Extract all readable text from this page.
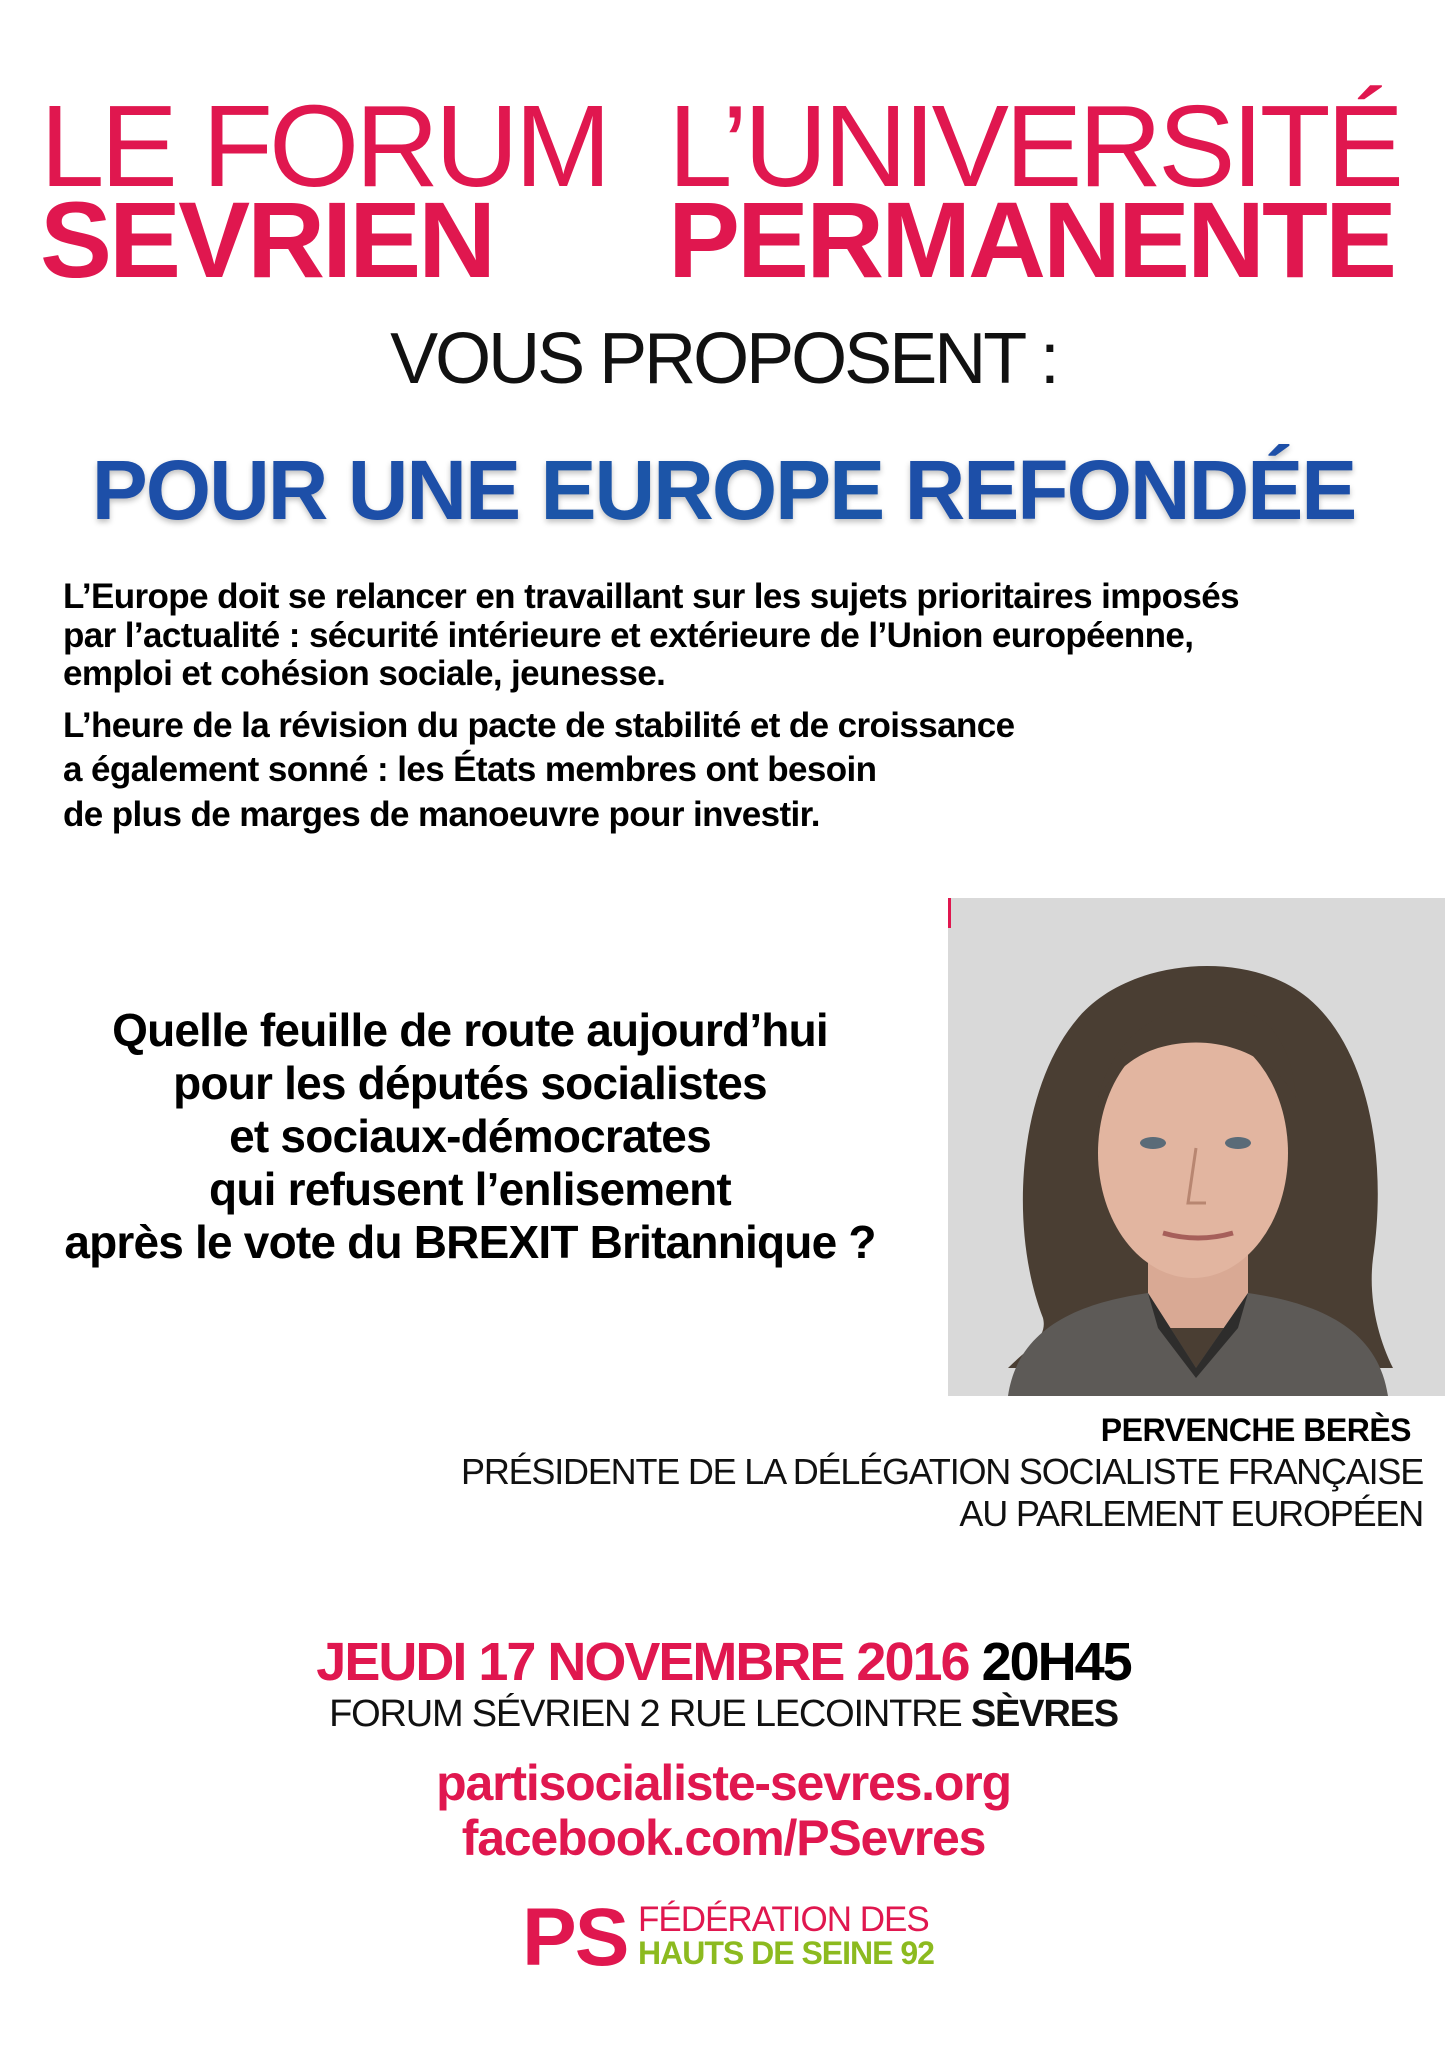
LE FORUM
SEVRIEN
L’UNIVERSITÉ
PERMANENTE
VOUS PROPOSENT :
POUR UNE EUROPE REFONDÉE
L’Europe doit se relancer en travaillant sur les sujets prioritaires imposés
par l’actualité : sécurité intérieure et extérieure de l’Union européenne,
emploi et cohésion sociale, jeunesse.
L’heure de la révision du pacte de stabilité et de croissance
a également sonné : les États membres ont besoin
de plus de marges de manoeuvre pour investir.
Quelle feuille de route aujourd’hui
pour les députés socialistes
et sociaux-démocrates
qui refusent l’enlisement
après le vote du BREXIT Britannique ?
PERVENCHE BERÈS
PRÉSIDENTE DE LA DÉLÉGATION SOCIALISTE FRANÇAISE
AU PARLEMENT EUROPÉEN
JEUDI 17 NOVEMBRE 2016 20H45
FORUM SÉVRIEN 2 RUE LECOINTRE SÈVRES
partisocialiste-sevres.org
facebook.com/PSevres
PS FÉDÉRATION DES
HAUTS DE SEINE 92
